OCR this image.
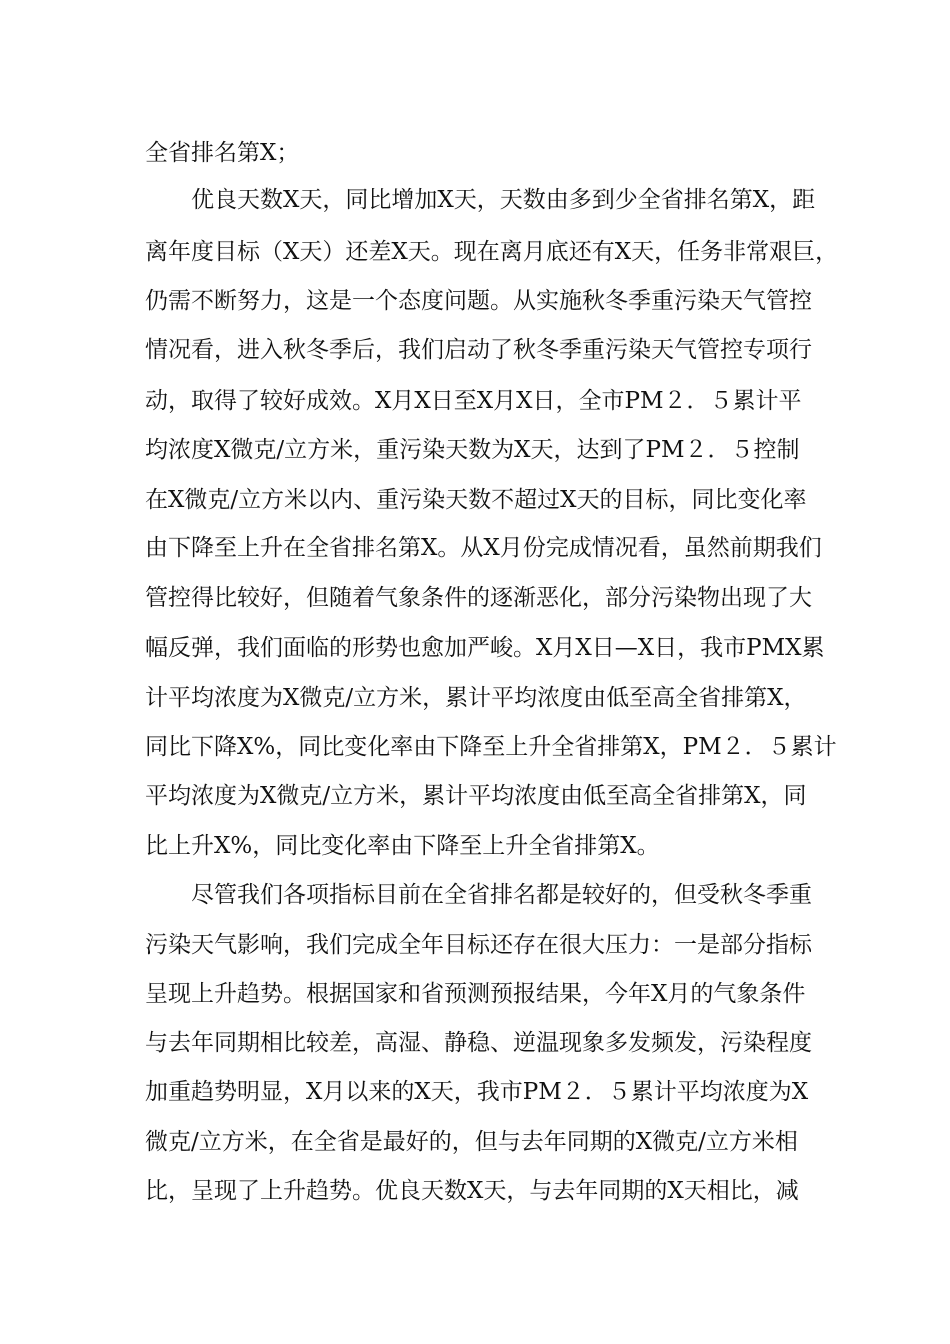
全省排名第X；
优良天数X天，同比增加X天，天数由多到少全省排名第X，距
离年度目标（X天）还差X天。现在离月底还有X天，任务非常艰巨，
仍需不断努力，这是一个态度问题。从实施秋冬季重污染天气管控
情况看，进入秋冬季后，我们启动了秋冬季重污染天气管控专项行
动，取得了较好成效。X月X日至X月X日，全市PM２．５累计平
均浓度X微克/立方米，重污染天数为X天，达到了PM２．５控制
在X微克/立方米以内、重污染天数不超过X天的目标，同比变化率
由下降至上升在全省排名第X。从X月份完成情况看，虽然前期我们
管控得比较好，但随着气象条件的逐渐恶化，部分污染物出现了大
幅反弹，我们面临的形势也愈加严峻。X月X日—X日，我市PMX累
计平均浓度为X微克/立方米，累计平均浓度由低至高全省排第X，
同比下降X%，同比变化率由下降至上升全省排第X，PM２．５累计
平均浓度为X微克/立方米，累计平均浓度由低至高全省排第X，同
比上升X%，同比变化率由下降至上升全省排第X。
尽管我们各项指标目前在全省排名都是较好的，但受秋冬季重
污染天气影响，我们完成全年目标还存在很大压力：一是部分指标
呈现上升趋势。根据国家和省预测预报结果，今年X月的气象条件
与去年同期相比较差，高湿、静稳、逆温现象多发频发，污染程度
加重趋势明显，X月以来的X天，我市PM２．５累计平均浓度为X
微克/立方米，在全省是最好的，但与去年同期的X微克/立方米相
比，呈现了上升趋势。优良天数X天，与去年同期的X天相比，减
